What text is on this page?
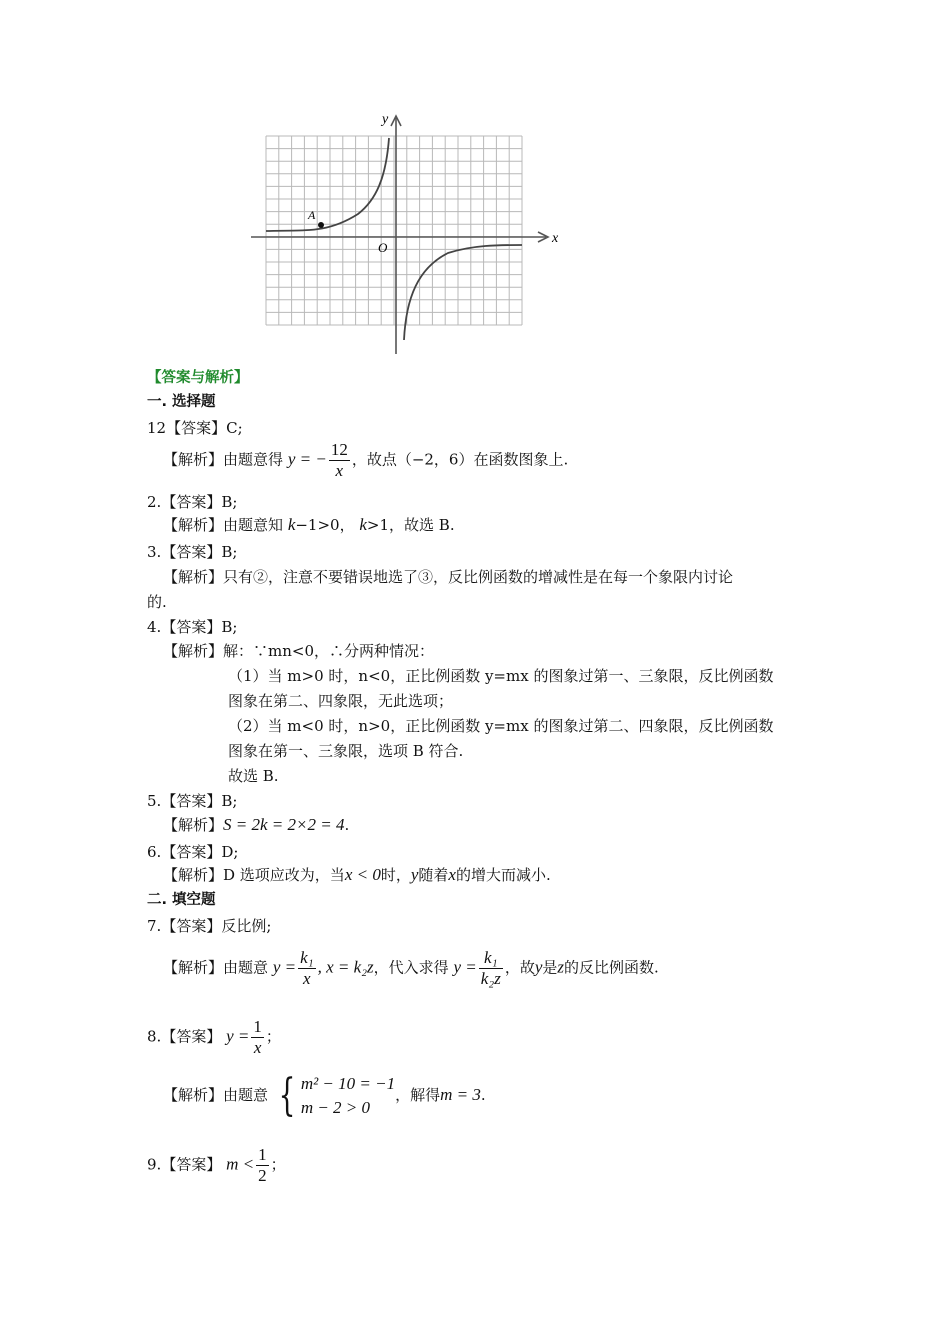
A
O
x
y
【答案与解析】
一. 选择题
12【答案】C;
【解析】由题意得 y = − $\frac{12}{x}$ ，故点（−2，6）在函数图象上.
2.【答案】B;
【解析】由题意知 k−1>0， k>1，故选 B.
3.【答案】B;
【解析】只有②，注意不要错误地选了③，反比例函数的增减性是在每一个象限内讨论
的.
4.【答案】B;
【解析】解：∵mn<0，∴分两种情况：
（1）当 m>0 时，n<0，正比例函数 y=mx 的图象过第一、三象限，反比例函数
图象在第二、四象限，无此选项；
（2）当 m<0 时，n>0，正比例函数 y=mx 的图象过第二、四象限，反比例函数
图象在第一、三象限，选项 B 符合.
故选 B.
5.【答案】B;
【解析】S = 2k = 2×2 = 4.
6.【答案】D;
【解析】D 选项应改为，当x < 0时，y随着x的增大而减小.
二. 填空题
7.【答案】反比例;
【解析】由题意 $y = \frac{\text{k₁}}{x}$ , x = k₂z，代入求得 $y = \frac{\text{k₁}}{\text{k₂z}}$ ，故y是z的反比例函数.
8.【答案】 $y = \frac{1}{x}$ ；
【解析】由题意 { m² − 10 = −1
m − 2 > 0
，解得m = 3.
9.【答案】 $m < \frac{1}{2}$ ；
